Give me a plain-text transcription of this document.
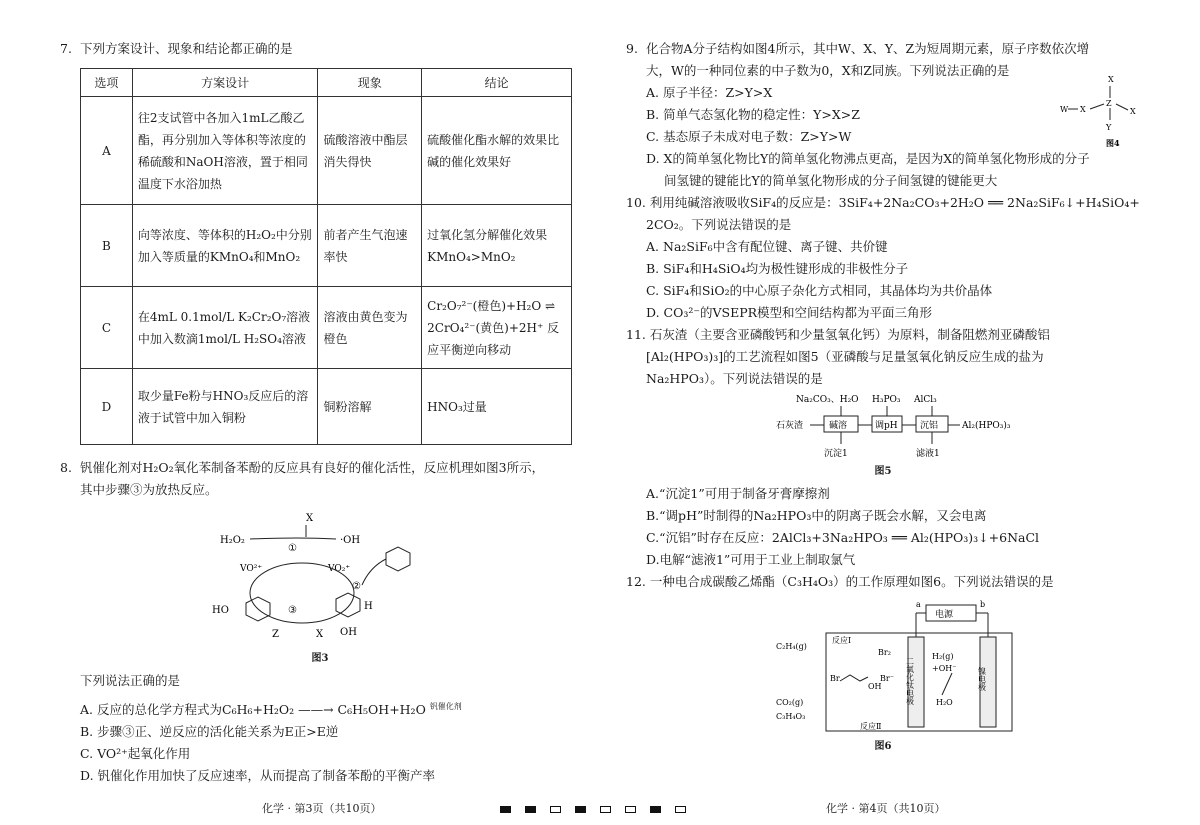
7. 下列方案设计、现象和结论都正确的是
选项	方案设计	现象	结论
A	往2支试管中各加入1mL乙酸乙酯，再分别加入等体积等浓度的稀硫酸和NaOH溶液，置于相同温度下水浴加热	硫酸溶液中酯层消失得快	硫酸催化酯水解的效果比碱的催化效果好
B	向等浓度、等体积的H₂O₂中分别加入等质量的KMnO₄和MnO₂	前者产生气泡速率快	过氧化氢分解催化效果KMnO₄>MnO₂
C	在4mL 0.1mol/L K₂Cr₂O₇溶液中加入数滴1mol/L H₂SO₄溶液	溶液由黄色变为橙色	Cr₂O₇²⁻(橙色)+H₂O ⇌ 2CrO₄²⁻(黄色)+2H⁺ 反应平衡逆向移动
D	取少量Fe粉与HNO₃反应后的溶液于试管中加入铜粉	铜粉溶解	HNO₃过量
8. 钒催化剂对H₂O₂氧化苯制备苯酚的反应具有良好的催化活性，反应机理如图3所示，
其中步骤③为放热反应。
H₂O₂
X
·OH
①
VO²⁺	VO₂⁺
②
③
HO
Z	X
H
OH
图3
下列说法正确的是
A. 反应的总化学方程式为C₆H₆+H₂O₂ ——→ C₆H₅OH+H₂O $^{钒催化剂}$
B. 步骤③正、逆反应的活化能关系为E正>E逆
C. VO²⁺起氧化作用
D. 钒催化作用加快了反应速率，从而提高了制备苯酚的平衡产率
9. 化合物A分子结构如图4所示，其中W、X、Y、Z为短周期元素，原子序数依次增
大，W的一种同位素的中子数为0，X和Z同族。下列说法正确的是
A. 原子半径：Z>Y>X
B. 简单气态氢化物的稳定性：Y>X>Z
C. 基态原子未成对电子数：Z>Y>W
D. X的简单氢化物比Y的简单氢化物沸点更高，是因为X的简单氢化物形成的分子
间氢键的键能比Y的简单氢化物形成的分子间氢键的键能更大
10. 利用纯碱溶液吸收SiF₄的反应是：3SiF₄+2Na₂CO₃+2H₂O ══ 2Na₂SiF₆↓+H₄SiO₄+
2CO₂。下列说法错误的是
A. Na₂SiF₆中含有配位键、离子键、共价键
B. SiF₄和H₄SiO₄均为极性键形成的非极性分子
C. SiF₄和SiO₂的中心原子杂化方式相同，其晶体均为共价晶体
D. CO₃²⁻的VSEPR模型和空间结构都为平面三角形
11. 石灰渣（主要含亚磷酸钙和少量氢氧化钙）为原料，制备阻燃剂亚磷酸铝
[Al₂(HPO₃)₃]的工艺流程如图5（亚磷酸与足量氢氧化钠反应生成的盐为
Na₂HPO₃）。下列说法错误的是
Na₂CO₃、H₂O H₃PO₃ AlCl₃
石灰渣	碱溶	调pH 沉铝	Al₂(HPO₃)₃
沉淀1	滤液1
图5
A.“沉淀1”可用于制备牙膏摩擦剂
B.“调pH”时制得的Na₂HPO₃中的阴离子既会水解，又会电离
C.“沉铝”时存在反应：2AlCl₃+3Na₂HPO₃ ══ Al₂(HPO₃)₃↓+6NaCl
D.电解“滤液1”可用于工业上制取氯气
12. 一种电合成碳酸乙烯酯（C₃H₄O₃）的工作原理如图6。下列说法错误的是
电源
a	b
二氧化钛电极	镍电极
C₂H₄(g)
反应Ⅰ
Br₂
Br⁻
Br
OH
CO₂(g)
C₃H₄O₃
反应Ⅱ
H₂(g)
+OH⁻
H₂O
图6
X
Z
W X	X
Y
图4
化学 · 第3页（共10页）	化学 · 第4页（共10页）
